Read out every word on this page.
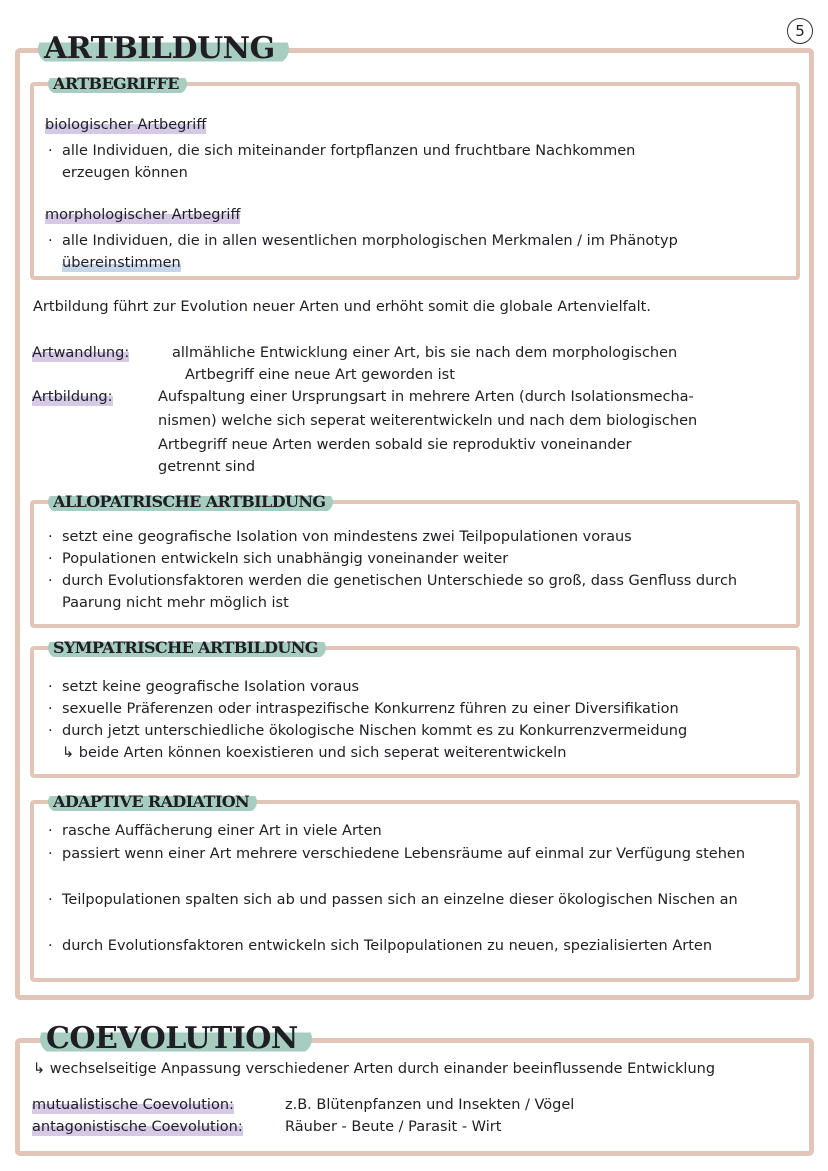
5
ARTBILDUNG
ARTBEGRIFFE
biologischer Artbegriff
· alle Individuen, die sich miteinander fortpflanzen und fruchtbare Nachkommen
erzeugen können
morphologischer Artbegriff
· alle Individuen, die in allen wesentlichen morphologischen Merkmalen / im Phänotyp
übereinstimmen
Artbildung führt zur Evolution neuer Arten und erhöht somit die globale Artenvielfalt.
Artwandlung:	allmähliche Entwicklung einer Art, bis sie nach dem morphologischen
Artbegriff eine neue Art geworden ist
Artbildung:	Aufspaltung einer Ursprungsart in mehrere Arten (durch Isolationsmecha-
nismen) welche sich seperat weiterentwickeln und nach dem biologischen
Artbegriff neue Arten werden sobald sie reproduktiv voneinander
getrennt sind
ALLOPATRISCHE ARTBILDUNG
· setzt eine geografische Isolation von mindestens zwei Teilpopulationen voraus
· Populationen entwickeln sich unabhängig voneinander weiter
· durch Evolutionsfaktoren werden die genetischen Unterschiede so groß, dass Genfluss durch Paarung nicht mehr möglich ist
SYMPATRISCHE ARTBILDUNG
· setzt keine geografische Isolation voraus
· sexuelle Präferenzen oder intraspezifische Konkurrenz führen zu einer Diversifikation
· durch jetzt unterschiedliche ökologische Nischen kommt es zu Konkurrenzvermeidung
↳ beide Arten können koexistieren und sich seperat weiterentwickeln
ADAPTIVE RADIATION
· rasche Auffächerung einer Art in viele Arten
· passiert wenn einer Art mehrere verschiedene Lebensräume auf einmal zur Verfügung stehen
· Teilpopulationen spalten sich ab und passen sich an einzelne dieser ökologischen Nischen an
· durch Evolutionsfaktoren entwickeln sich Teilpopulationen zu neuen, spezialisierten Arten
COEVOLUTION
↳ wechselseitige Anpassung verschiedener Arten durch einander beeinflussende Entwicklung
mutualistische Coevolution:	z.B. Blütenpfanzen und Insekten / Vögel
antagonistische Coevolution:	Räuber - Beute / Parasit - Wirt
